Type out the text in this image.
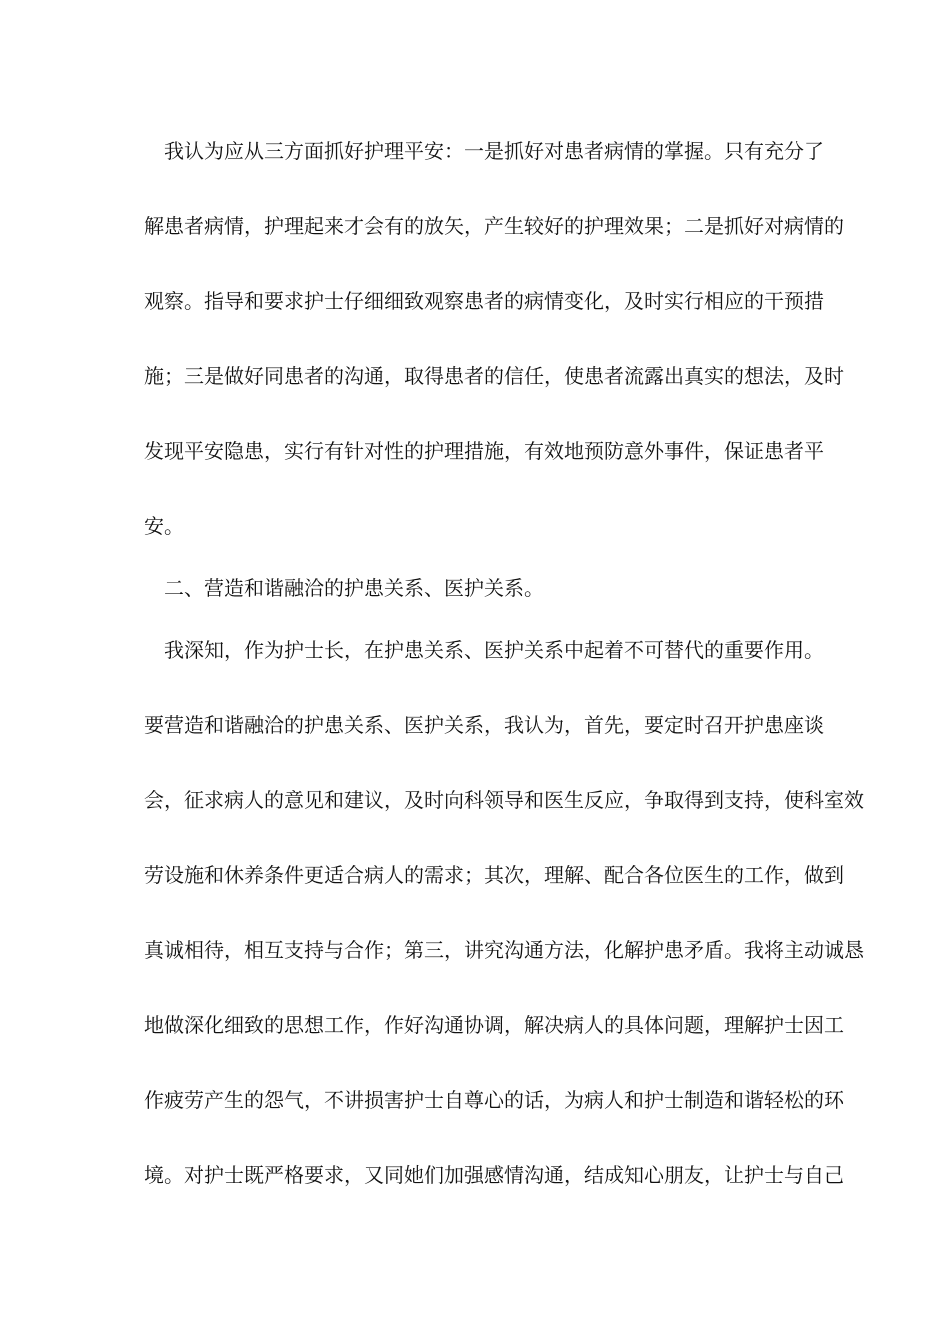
我认为应从三方面抓好护理平安：一是抓好对患者病情的掌握。只有充分了
解患者病情，护理起来才会有的放矢，产生较好的护理效果；二是抓好对病情的
观察。指导和要求护士仔细细致观察患者的病情变化，及时实行相应的干预措
施；三是做好同患者的沟通，取得患者的信任，使患者流露出真实的想法，及时
发现平安隐患，实行有针对性的护理措施，有效地预防意外事件，保证患者平
安。
二、营造和谐融洽的护患关系、医护关系。
我深知，作为护士长，在护患关系、医护关系中起着不可替代的重要作用。
要营造和谐融洽的护患关系、医护关系，我认为，首先，要定时召开护患座谈
会，征求病人的意见和建议，及时向科领导和医生反应，争取得到支持，使科室效
劳设施和休养条件更适合病人的需求；其次，理解、配合各位医生的工作，做到
真诚相待，相互支持与合作；第三，讲究沟通方法，化解护患矛盾。我将主动诚恳
地做深化细致的思想工作，作好沟通协调，解决病人的具体问题，理解护士因工
作疲劳产生的怨气，不讲损害护士自尊心的话，为病人和护士制造和谐轻松的环
境。对护士既严格要求，又同她们加强感情沟通，结成知心朋友，让护士与自己
